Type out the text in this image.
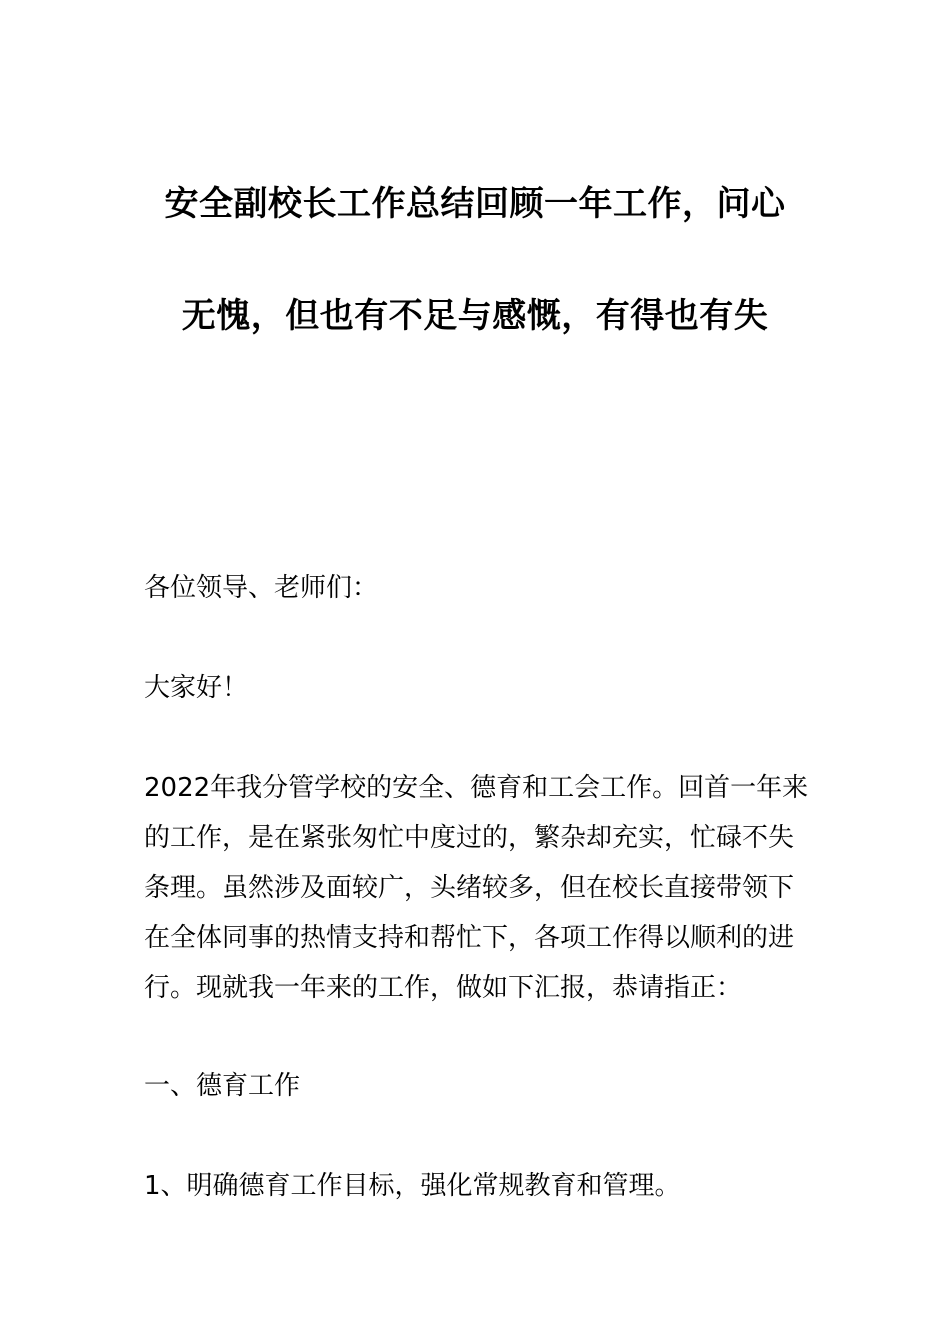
安全副校长工作总结回顾一年工作，问心
无愧，但也有不足与感慨，有得也有失
各位领导、老师们：
大家好！
2022年我分管学校的安全、德育和工会工作。回首一年来
的工作，是在紧张匆忙中度过的，繁杂却充实，忙碌不失
条理。虽然涉及面较广，头绪较多，但在校长直接带领下
在全体同事的热情支持和帮忙下，各项工作得以顺利的进
行。现就我一年来的工作，做如下汇报，恭请指正：
一、德育工作
1、明确德育工作目标，强化常规教育和管理。
